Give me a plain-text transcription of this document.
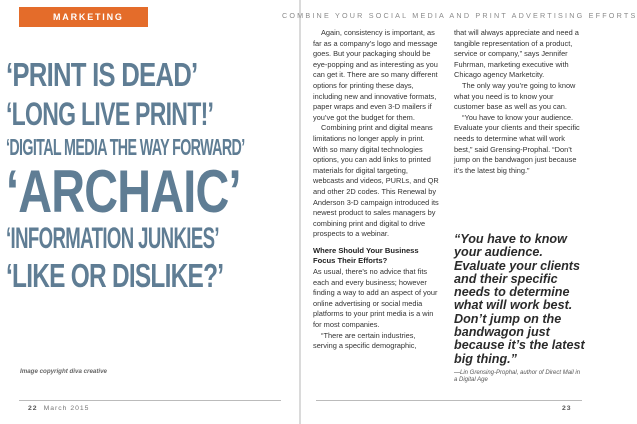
MARKETING	COMBINE YOUR SOCIAL MEDIA AND PRINT ADVERTISING EFFORTS
‘PRINT IS DEAD’
‘LONG LIVE PRINT!’
‘DIGITAL MEDIA THE WAY FORWARD’
‘ARCHAIC’
‘INFORMATION JUNKIES’
‘LIKE OR DISLIKE?’
Image copyright diva creative

Again, consistency is important, as far as a company’s logo and message goes. But your packaging should be eye-popping and as interesting as you can get it. There are so many different options for printing these days, including new and innovative formats, paper wraps and even 3-D mailers if you’ve got the budget for them.

Combining print and digital means limitations no longer apply in print. With so many digital technologies options, you can add links to printed materials for digital targeting, webcasts and videos, PURLs, and QR and other 2D codes. This Renewal by Anderson 3-D campaign introduced its newest product to sales managers by combining print and digital to drive prospects to a webinar.

Where Should Your Business Focus Their Efforts?

As usual, there’s no advice that fits each and every business; however finding a way to add an aspect of your online advertising or social media platforms to your print media is a win for most companies.

“There are certain industries, serving a specific demographic,

that will always appreciate and need a tangible representation of a product, service or company,” says Jennifer Fuhrman, marketing executive with Chicago agency Marketcity.

The only way you’re going to know what you need is to know your customer base as well as you can.

“You have to know your audience. Evaluate your clients and their specific needs to determine what will work best,” said Grensing-Prophal. “Don’t jump on the bandwagon just because it’s the latest big thing.”

“You have to know your audience. Evaluate your clients and their specific needs to determine what will work best. Don’t jump on the bandwagon just because it’s the latest big thing.”
—Lin Grensing-Prophal, author of Direct Mail in a Digital Age
22 March 2015	23
